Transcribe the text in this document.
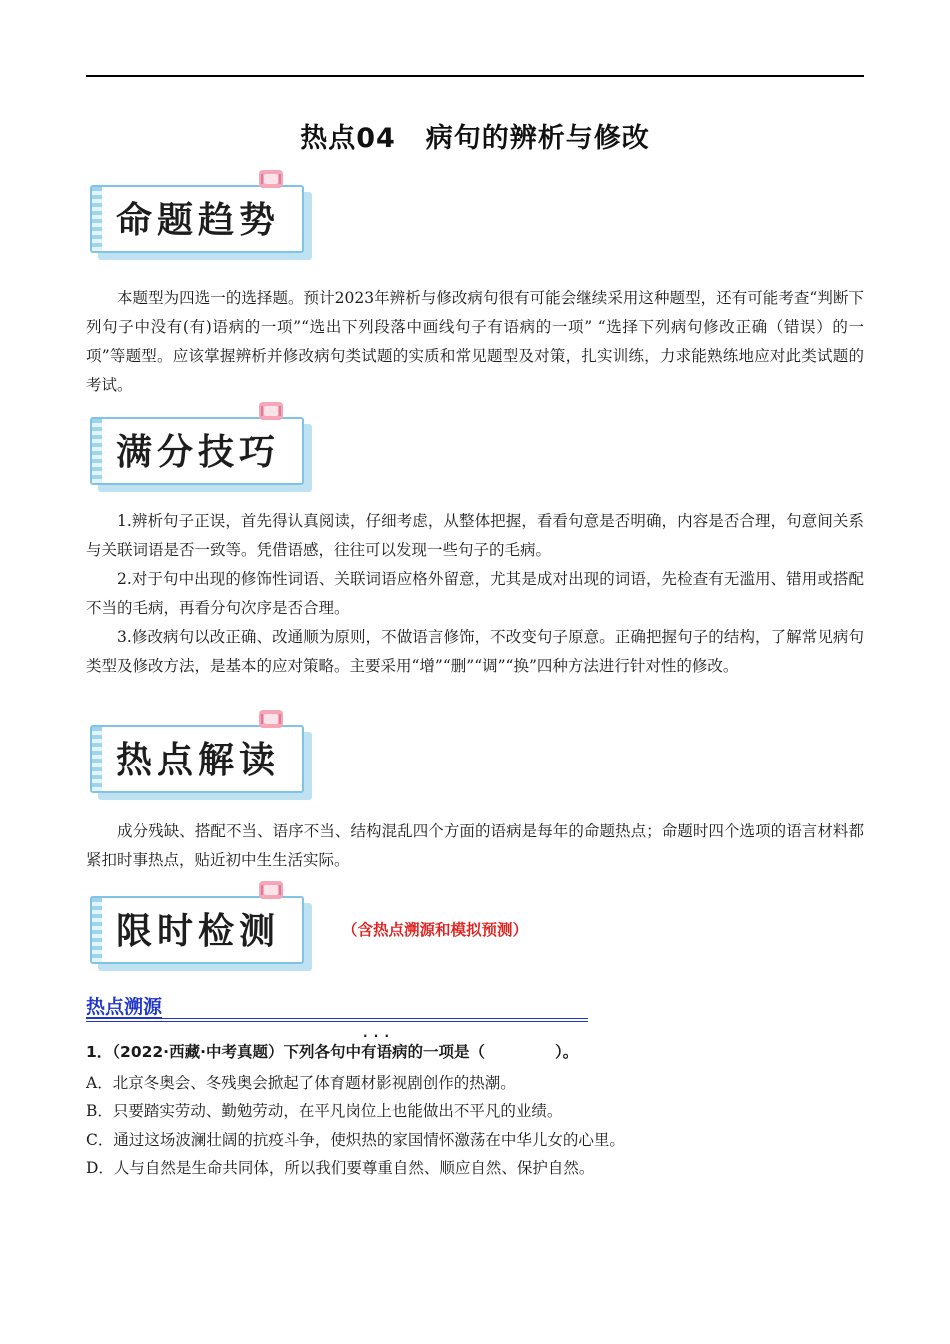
热点04 病句的辨析与修改
命题趋势

本题型为四选一的选择题。预计2023年辨析与修改病句很有可能会继续采用这种题型，还有可能考查“判断下列句子中没有(有)语病的一项”“选出下列段落中画线句子有语病的一项” “选择下列病句修改正确（错误）的一项”等题型。应该掌握辨析并修改病句类试题的实质和常见题型及对策，扎实训练，力求能熟练地应对此类试题的考试。

满分技巧

1.辨析句子正误，首先得认真阅读，仔细考虑，从整体把握，看看句意是否明确，内容是否合理，句意间关系与关联词语是否一致等。凭借语感，往往可以发现一些句子的毛病。

2.对于句中出现的修饰性词语、关联词语应格外留意，尤其是成对出现的词语，先检查有无滥用、错用或搭配不当的毛病，再看分句次序是否合理。

3.修改病句以改正确、改通顺为原则，不做语言修饰，不改变句子原意。正确把握句子的结构，了解常见病句类型及修改方法，是基本的应对策略。主要采用“增”“删”“调”“换”四种方法进行针对性的修改。

热点解读

成分残缺、搭配不当、语序不当、结构混乱四个方面的语病是每年的命题热点；命题时四个选项的语言材料都紧扣时事热点，贴近初中生生活实际。

限时检测	（含热点溯源和模拟预测）
热点溯源
1．（2022·西藏·中考真题）下列各句中· · · 有语病的一项是（	）。
A．北京冬奥会、冬残奥会掀起了体育题材影视剧创作的热潮。
B．只要踏实劳动、勤勉劳动，在平凡岗位上也能做出不平凡的业绩。
C．通过这场波澜壮阔的抗疫斗争，使炽热的家国情怀激荡在中华儿女的心里。
D．人与自然是生命共同体，所以我们要尊重自然、顺应自然、保护自然。
